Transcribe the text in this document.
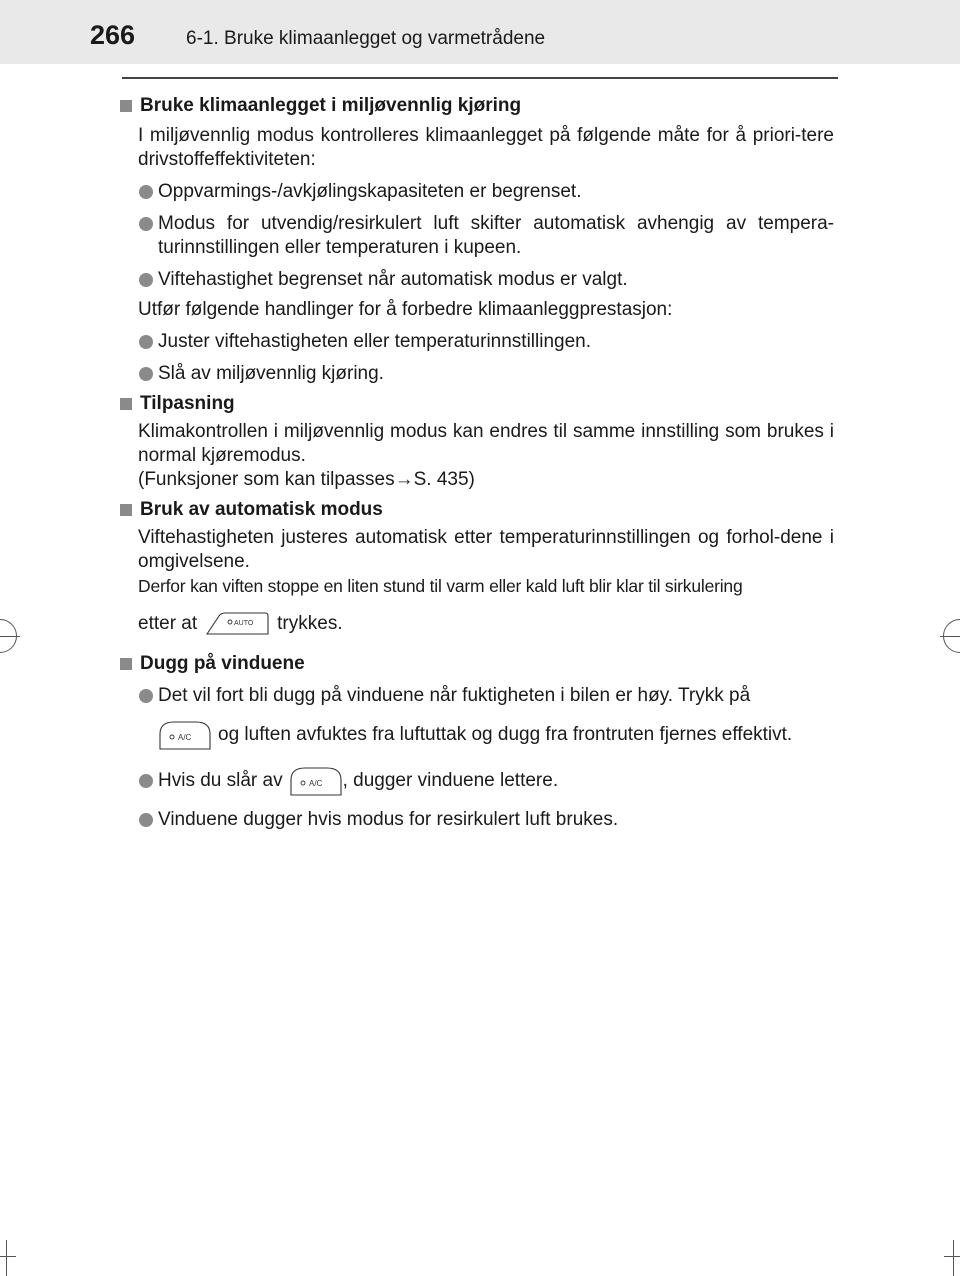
266	6-1. Bruke klimaanlegget og varmetrådene
Bruke klimaanlegget i miljøvennlig kjøring
I miljøvennlig modus kontrolleres klimaanlegget på følgende måte for å priori-tere drivstoffeffektiviteten:
Oppvarmings-/avkjølingskapasiteten er begrenset.
Modus for utvendig/resirkulert luft skifter automatisk avhengig av tempera-turinnstillingen eller temperaturen i kupeen.
Viftehastighet begrenset når automatisk modus er valgt.
Utfør følgende handlinger for å forbedre klimaanleggprestasjon:
Juster viftehastigheten eller temperaturinnstillingen.
Slå av miljøvennlig kjøring.
Tilpasning
Klimakontrollen i miljøvennlig modus kan endres til samme innstilling som brukes i normal kjøremodus.
(Funksjoner som kan tilpasses→S. 435)
Bruk av automatisk modus
Viftehastigheten justeres automatisk etter temperaturinnstillingen og forhol-dene i omgivelsene.
Derfor kan viften stoppe en liten stund til varm eller kald luft blir klar til sirkulering
etter at	AUTO trykkes.
Dugg på vinduene
Det vil fort bli dugg på vinduene når fuktigheten i bilen er høy. Trykk på
A/C og luften avfuktes fra luftuttak og dugg fra frontruten fjernes effektivt.
Hvis du slår av	A/C , dugger vinduene lettere.
Vinduene dugger hvis modus for resirkulert luft brukes.
